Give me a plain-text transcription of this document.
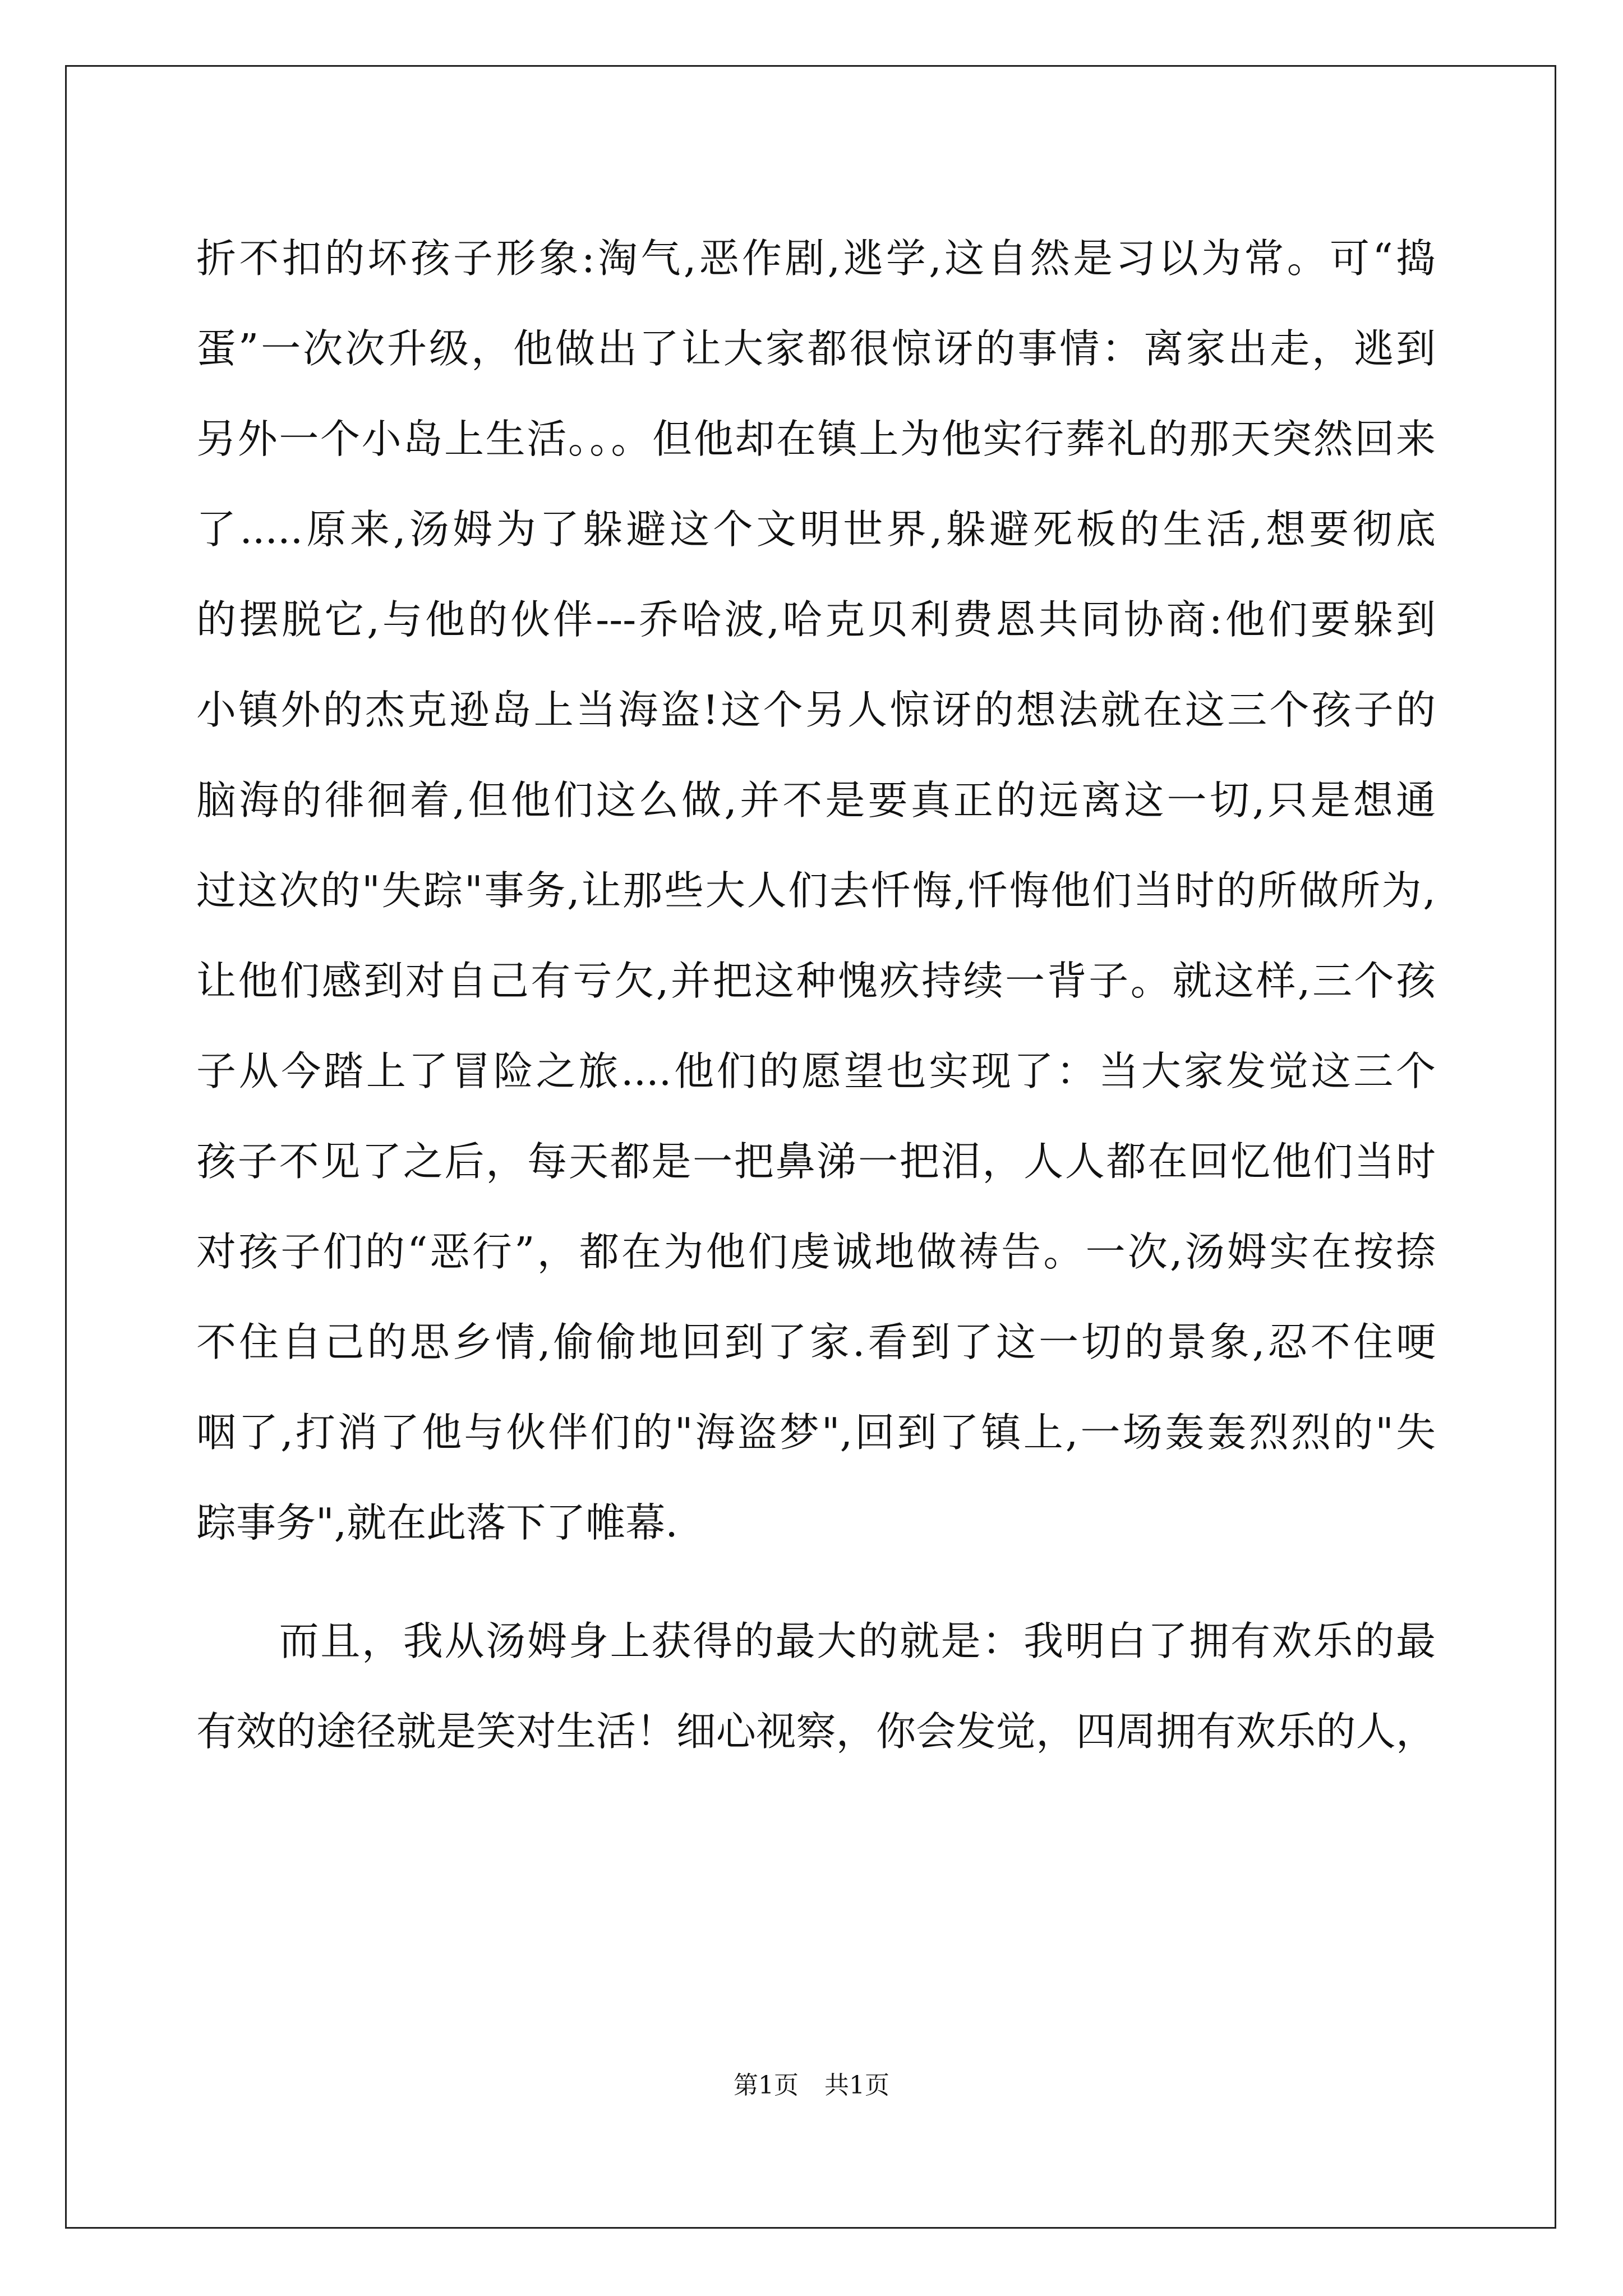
折不扣的坏孩子形象:淘气,恶作剧,逃学,这自然是习以为常。可“捣
蛋”一次次升级，他做出了让大家都很惊讶的事情：离家出走，逃到
另外一个小岛上生活。。。但他却在镇上为他实行葬礼的那天突然回来
了.....原来,汤姆为了躲避这个文明世界,躲避死板的生活,想要彻底
的摆脱它,与他的伙伴---乔哈波,哈克贝利费恩共同协商:他们要躲到
小镇外的杰克逊岛上当海盗!这个另人惊讶的想法就在这三个孩子的
脑海的徘徊着,但他们这么做,并不是要真正的远离这一切,只是想通
过这次的"失踪"事务,让那些大人们去忏悔,忏悔他们当时的所做所为,
让他们感到对自己有亏欠,并把这种愧疚持续一背子。就这样,三个孩
子从今踏上了冒险之旅....他们的愿望也实现了：当大家发觉这三个
孩子不见了之后，每天都是一把鼻涕一把泪，人人都在回忆他们当时
对孩子们的“恶行”，都在为他们虔诚地做祷告。一次,汤姆实在按捺
不住自己的思乡情,偷偷地回到了家.看到了这一切的景象,忍不住哽
咽了,打消了他与伙伴们的"海盗梦",回到了镇上,一场轰轰烈烈的"失
踪事务",就在此落下了帷幕.
　　而且，我从汤姆身上获得的最大的就是：我明白了拥有欢乐的最
有效的途径就是笑对生活！细心视察，你会发觉，四周拥有欢乐的人，
第1页 共1页
